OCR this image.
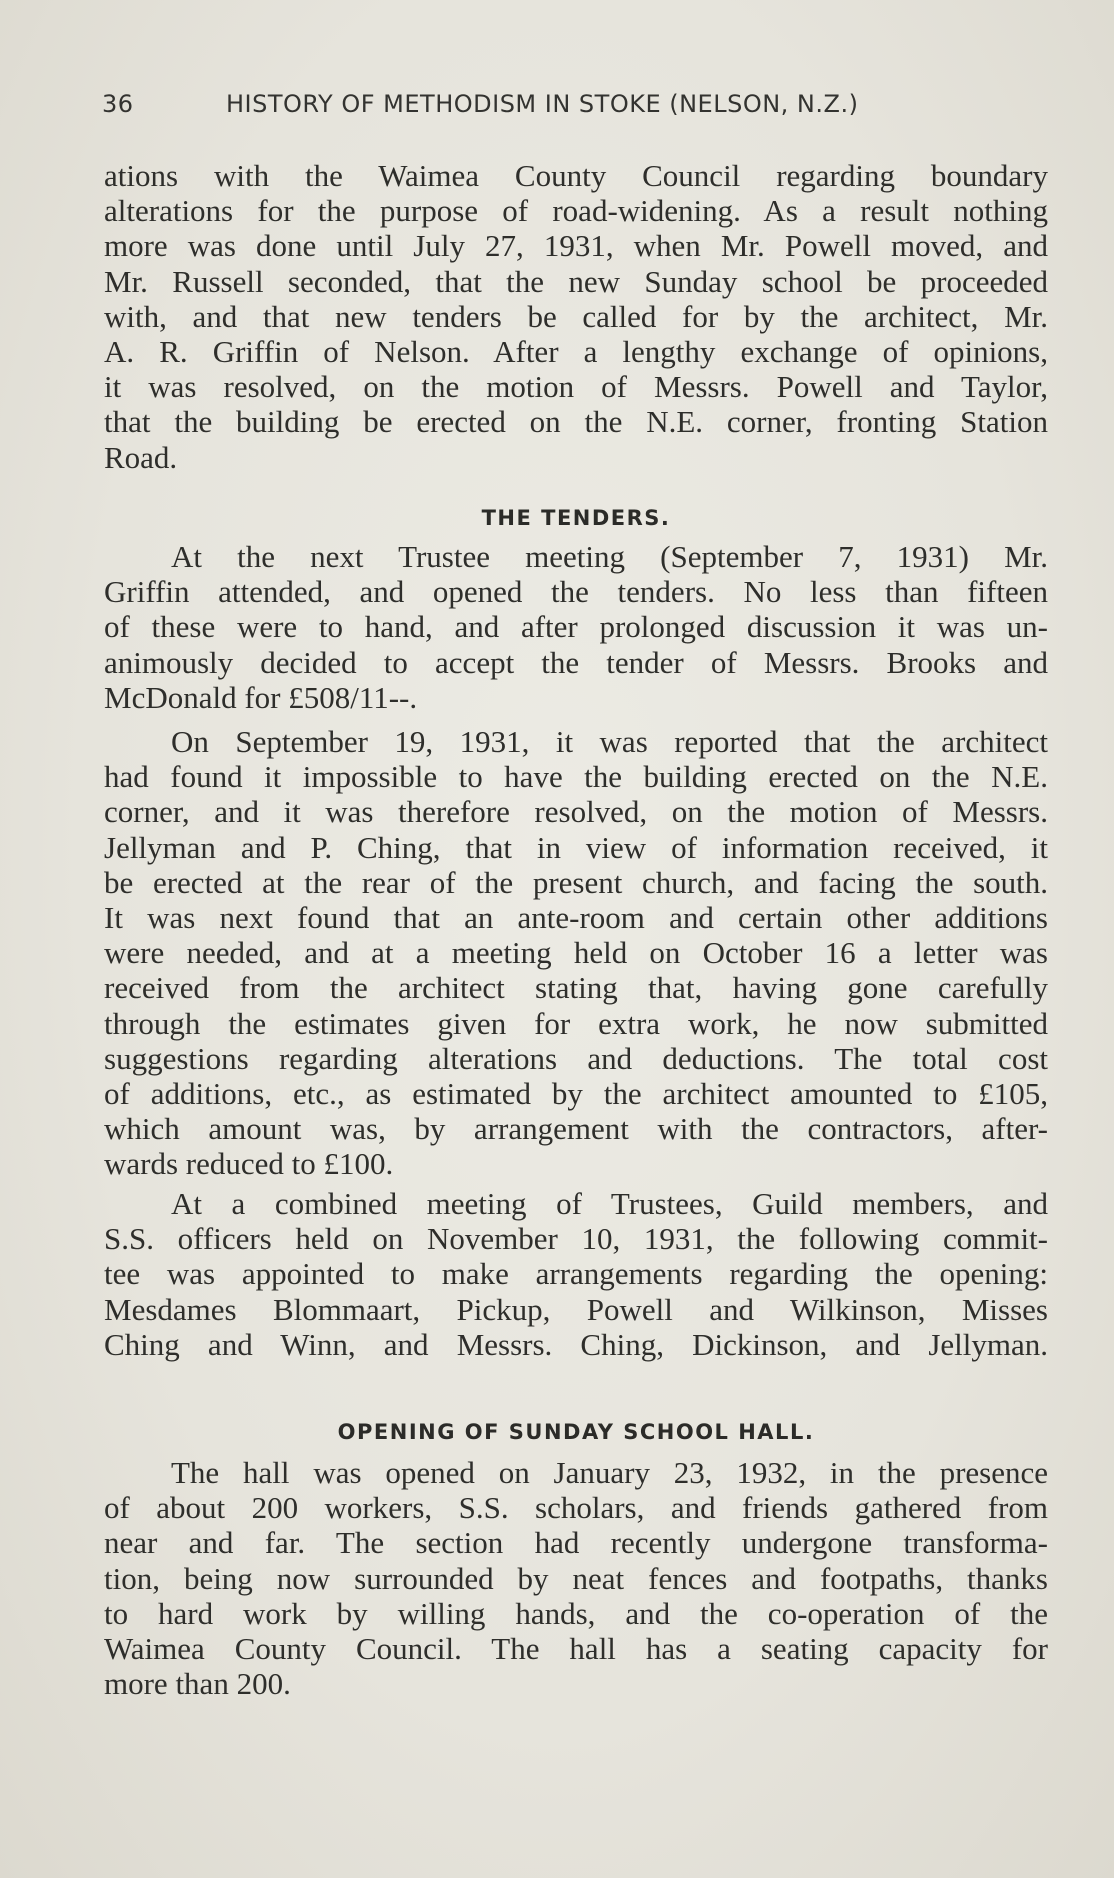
36	HISTORY OF METHODISM IN STOKE (NELSON, N.Z.)
ations with the Waimea County Council regarding boundary
alterations for the purpose of road-widening. As a result nothing
more was done until July 27, 1931, when Mr. Powell moved, and
Mr. Russell seconded, that the new Sunday school be proceeded
with, and that new tenders be called for by the architect, Mr.
A. R. Griffin of Nelson. After a lengthy exchange of opinions,
it was resolved, on the motion of Messrs. Powell and Taylor,
that the building be erected on the N.E. corner, fronting Station
Road.
THE TENDERS.
At the next Trustee meeting (September 7, 1931) Mr.
Griffin attended, and opened the tenders. No less than fifteen
of these were to hand, and after prolonged discussion it was un-
animously decided to accept the tender of Messrs. Brooks and
McDonald for £508/11--.
On September 19, 1931, it was reported that the architect
had found it impossible to have the building erected on the N.E.
corner, and it was therefore resolved, on the motion of Messrs.
Jellyman and P. Ching, that in view of information received, it
be erected at the rear of the present church, and facing the south.
It was next found that an ante-room and certain other additions
were needed, and at a meeting held on October 16 a letter was
received from the architect stating that, having gone carefully
through the estimates given for extra work, he now submitted
suggestions regarding alterations and deductions. The total cost
of additions, etc., as estimated by the architect amounted to £105,
which amount was, by arrangement with the contractors, after-
wards reduced to £100.
At a combined meeting of Trustees, Guild members, and
S.S. officers held on November 10, 1931, the following commit-
tee was appointed to make arrangements regarding the opening:
Mesdames Blommaart, Pickup, Powell and Wilkinson, Misses
Ching and Winn, and Messrs. Ching, Dickinson, and Jellyman.
OPENING OF SUNDAY SCHOOL HALL.
The hall was opened on January 23, 1932, in the presence
of about 200 workers, S.S. scholars, and friends gathered from
near and far. The section had recently undergone transforma-
tion, being now surrounded by neat fences and footpaths, thanks
to hard work by willing hands, and the co-operation of the
Waimea County Council. The hall has a seating capacity for
more than 200.
